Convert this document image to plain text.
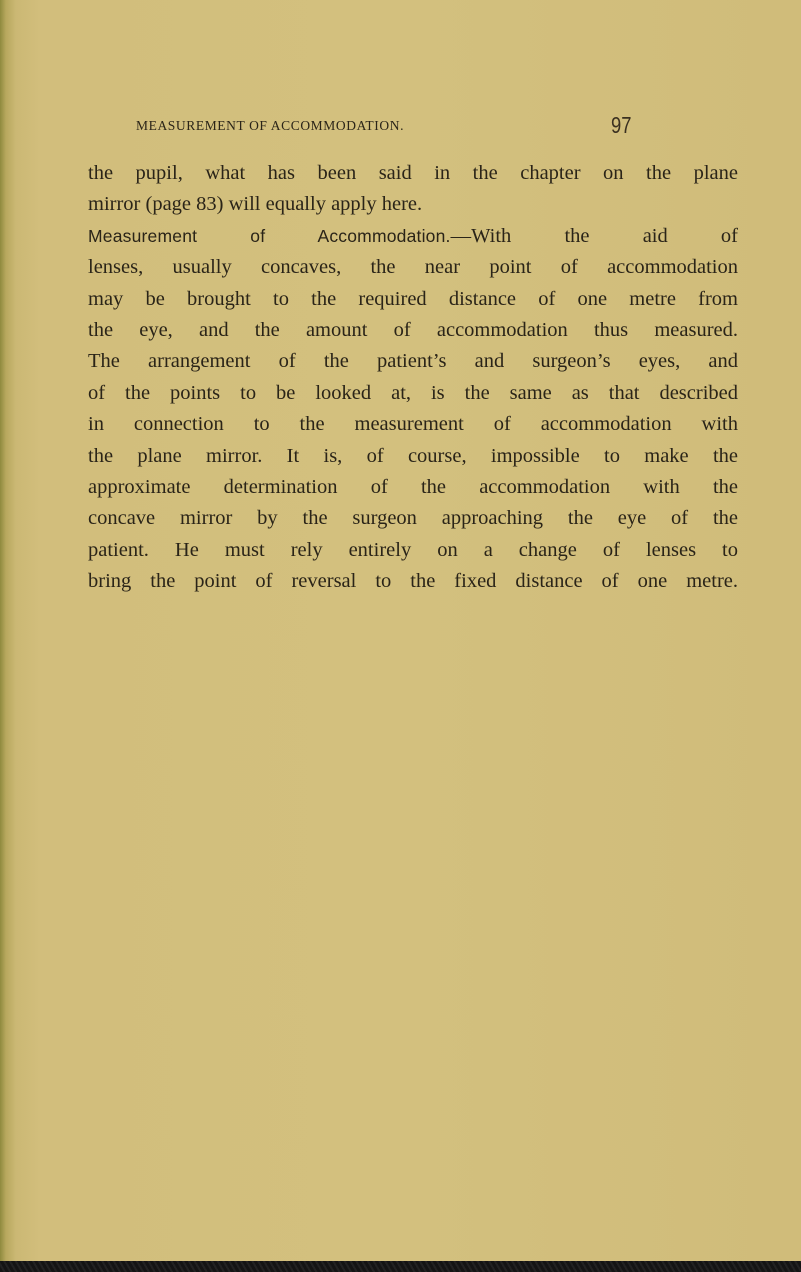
MEASUREMENT OF ACCOMMODATION.	97
the pupil, what has been said in the chapter on the plane
mirror (page 83) will equally apply here.
Measurement of Accommodation.—With the aid of
lenses, usually concaves, the near point of accommodation
may be brought to the required distance of one metre from
the eye, and the amount of accommodation thus measured.
The arrangement of the patient’s and surgeon’s eyes, and
of the points to be looked at, is the same as that described
in connection to the measurement of accommodation with
the plane mirror. It is, of course, impossible to make the
approximate determination of the accommodation with the
concave mirror by the surgeon approaching the eye of the
patient. He must rely entirely on a change of lenses to
bring the point of reversal to the fixed distance of one metre.
